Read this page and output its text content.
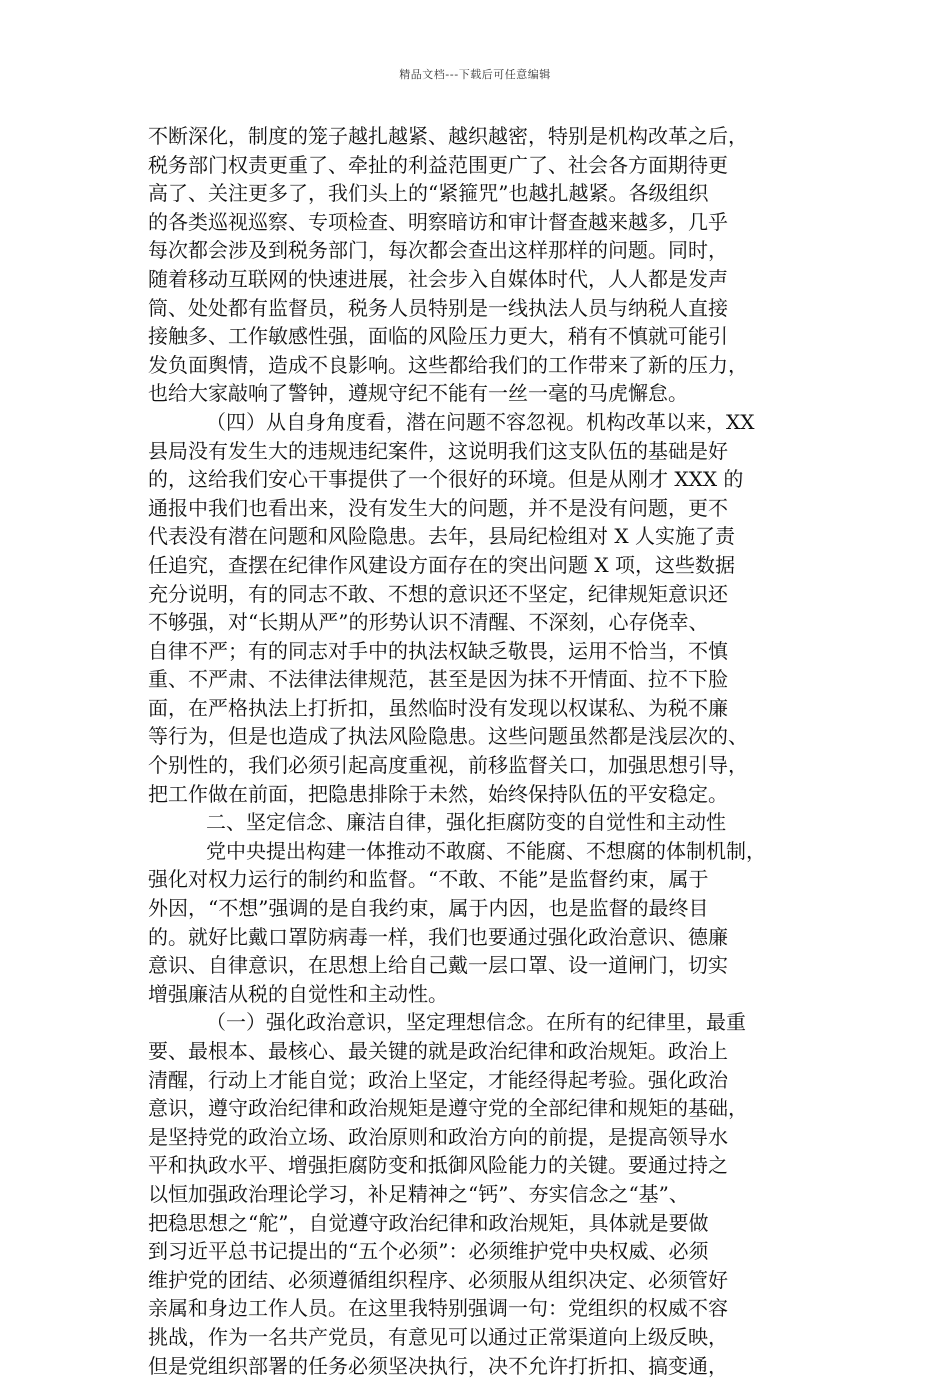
精品文档---下载后可任意编辑
不断深化，制度的笼子越扎越紧、越织越密，特别是机构改革之后，
税务部门权责更重了、牵扯的利益范围更广了、社会各方面期待更
高了、关注更多了，我们头上的“紧箍咒”也越扎越紧。各级组织
的各类巡视巡察、专项检查、明察暗访和审计督查越来越多，几乎
每次都会涉及到税务部门，每次都会查出这样那样的问题。同时，
随着移动互联网的快速进展，社会步入自媒体时代，人人都是发声
筒、处处都有监督员，税务人员特别是一线执法人员与纳税人直接
接触多、工作敏感性强，面临的风险压力更大，稍有不慎就可能引
发负面舆情，造成不良影响。这些都给我们的工作带来了新的压力，
也给大家敲响了警钟，遵规守纪不能有一丝一毫的马虎懈怠。
（四）从自身角度看，潜在问题不容忽视。机构改革以来，XX
县局没有发生大的违规违纪案件，这说明我们这支队伍的基础是好
的，这给我们安心干事提供了一个很好的环境。但是从刚才 XXX 的
通报中我们也看出来，没有发生大的问题，并不是没有问题，更不
代表没有潜在问题和风险隐患。去年，县局纪检组对 X 人实施了责
任追究，查摆在纪律作风建设方面存在的突出问题 X 项，这些数据
充分说明，有的同志不敢、不想的意识还不坚定，纪律规矩意识还
不够强，对“长期从严”的形势认识不清醒、不深刻，心存侥幸、
自律不严；有的同志对手中的执法权缺乏敬畏，运用不恰当，不慎
重、不严肃、不法律法律规范，甚至是因为抹不开情面、拉不下脸
面，在严格执法上打折扣，虽然临时没有发现以权谋私、为税不廉
等行为，但是也造成了执法风险隐患。这些问题虽然都是浅层次的、
个别性的，我们必须引起高度重视，前移监督关口，加强思想引导，
把工作做在前面，把隐患排除于未然，始终保持队伍的平安稳定。
二、坚定信念、廉洁自律，强化拒腐防变的自觉性和主动性
党中央提出构建一体推动不敢腐、不能腐、不想腐的体制机制，
强化对权力运行的制约和监督。“不敢、不能”是监督约束，属于
外因，“不想”强调的是自我约束，属于内因，也是监督的最终目
的。就好比戴口罩防病毒一样，我们也要通过强化政治意识、德廉
意识、自律意识，在思想上给自己戴一层口罩、设一道闸门，切实
增强廉洁从税的自觉性和主动性。
（一）强化政治意识，坚定理想信念。在所有的纪律里，最重
要、最根本、最核心、最关键的就是政治纪律和政治规矩。政治上
清醒，行动上才能自觉；政治上坚定，才能经得起考验。强化政治
意识，遵守政治纪律和政治规矩是遵守党的全部纪律和规矩的基础，
是坚持党的政治立场、政治原则和政治方向的前提，是提高领导水
平和执政水平、增强拒腐防变和抵御风险能力的关键。要通过持之
以恒加强政治理论学习，补足精神之“钙”、夯实信念之“基”、
把稳思想之“舵”，自觉遵守政治纪律和政治规矩，具体就是要做
到习近平总书记提出的“五个必须”：必须维护党中央权威、必须
维护党的团结、必须遵循组织程序、必须服从组织决定、必须管好
亲属和身边工作人员。在这里我特别强调一句：党组织的权威不容
挑战，作为一名共产党员，有意见可以通过正常渠道向上级反映，
但是党组织部署的任务必须坚决执行，决不允许打折扣、搞变通，
